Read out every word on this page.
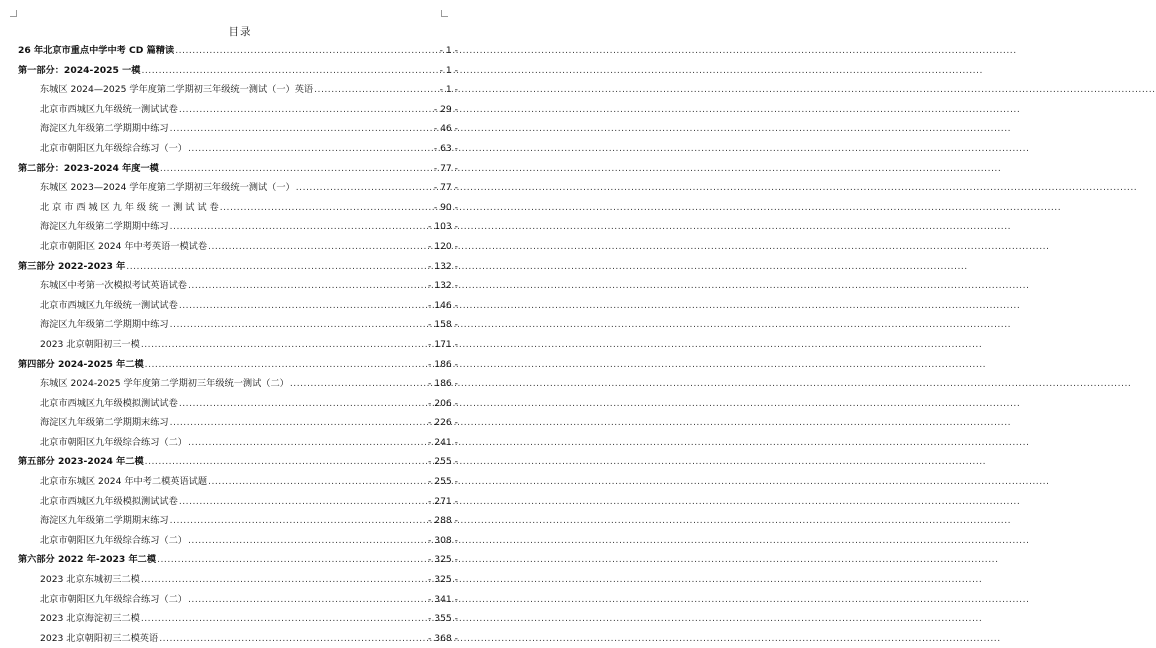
目录
26 年北京市重点中学中考 CD 篇精读 .....	- 1 -
第一部分：2024-2025 一模 .....	- 1 -
东城区 2024—2025 学年度第二学期初三年级统一测试（一）英语 .....	- 1 -
北京市西城区九年级统一测试试卷 .....	- 29 -
海淀区九年级第二学期期中练习 .....	- 46 -
北京市朝阳区九年级综合练习（一） .....	- 63 -
第二部分：2023-2024 年度一模 .....	- 77 -
东城区 2023—2024 学年度第二学期初三年级统一测试（一） .....	- 77 -
北 京 市 西 城 区 九 年 级 统 一 测 试 试 卷 .....	- 90 -
海淀区九年级第二学期期中练习 .....	- 103 -
北京市朝阳区 2024 年中考英语一模试卷 .....	- 120 -
第三部分 2022-2023 年 .....	- 132 -
东城区中考第一次模拟考试英语试卷 .....	- 132 -
北京市西城区九年级统一测试试卷 .....	- 146 -
海淀区九年级第二学期期中练习 .....	- 158 -
2023 北京朝阳初三一模 .....	- 171 -
第四部分 2024-2025 年二模 .....	- 186 -
东城区 2024-2025 学年度第二学期初三年级统一测试（二） .....	- 186 -
北京市西城区九年级模拟测试试卷 .....	- 206 -
海淀区九年级第二学期期末练习 .....	- 226 -
北京市朝阳区九年级综合练习（二） .....	- 241 -
第五部分 2023-2024 年二模 .....	- 255 -
北京市东城区 2024 年中考二模英语试题 .....	- 255 -
北京市西城区九年级模拟测试试卷 .....	- 271 -
海淀区九年级第二学期期末练习 .....	- 288 -
北京市朝阳区九年级综合练习（二） .....	- 308 -
第六部分 2022 年-2023 年二模 .....	- 325 -
2023 北京东城初三二模 .....	- 325 -
北京市朝阳区九年级综合练习（二） .....	- 341 -
2023 北京海淀初三二模 .....	- 355 -
2023 北京朝阳初三二模英语 .....	- 368 -
